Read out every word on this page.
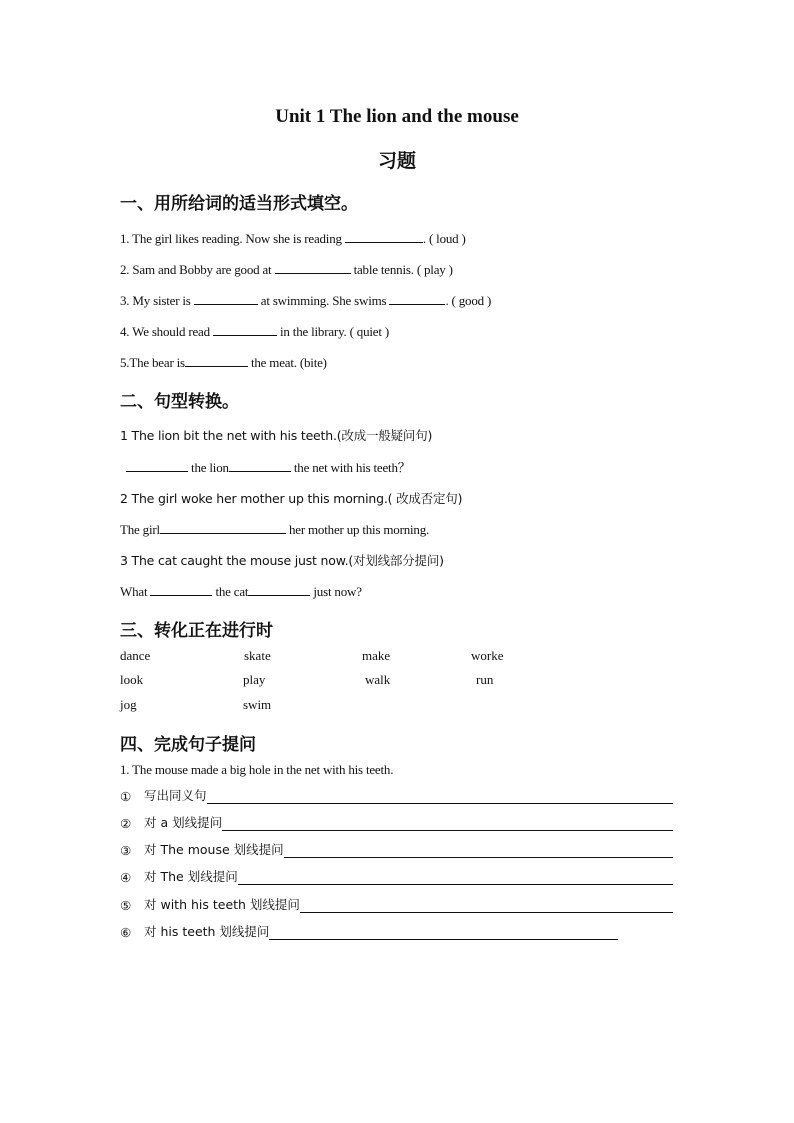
Unit 1 The lion and the mouse
习题
一、用所给词的适当形式填空。
1. The girl likes reading. Now she is reading	. ( loud )
2. Sam and Bobby are good at	table tennis. ( play )
3. My sister is	at swimming. She swims	. ( good )
4. We should read	in the library. ( quiet )
5.The bear is	the meat. (bite)
二、句型转换。
1 The lion bit the net with his teeth.(改成一般疑问句)
the lion	the net with his teeth？
2 The girl woke her mother up this morning.( 改成否定句)
The girl	her mother up this morning.
3 The cat caught the mouse just now.(对划线部分提问)
What	the cat	just now?
三、转化正在进行时
dance	skate	make	worke
look	play	walk	run
jog	swim
四、完成句子提问
1. The mouse made a big hole in the net with his teeth.
①	写出同义句
②	对 a 划线提问
③	对 The mouse 划线提问
④	对 The 划线提问
⑤	对 with his teeth 划线提问
⑥	对 his teeth 划线提问
